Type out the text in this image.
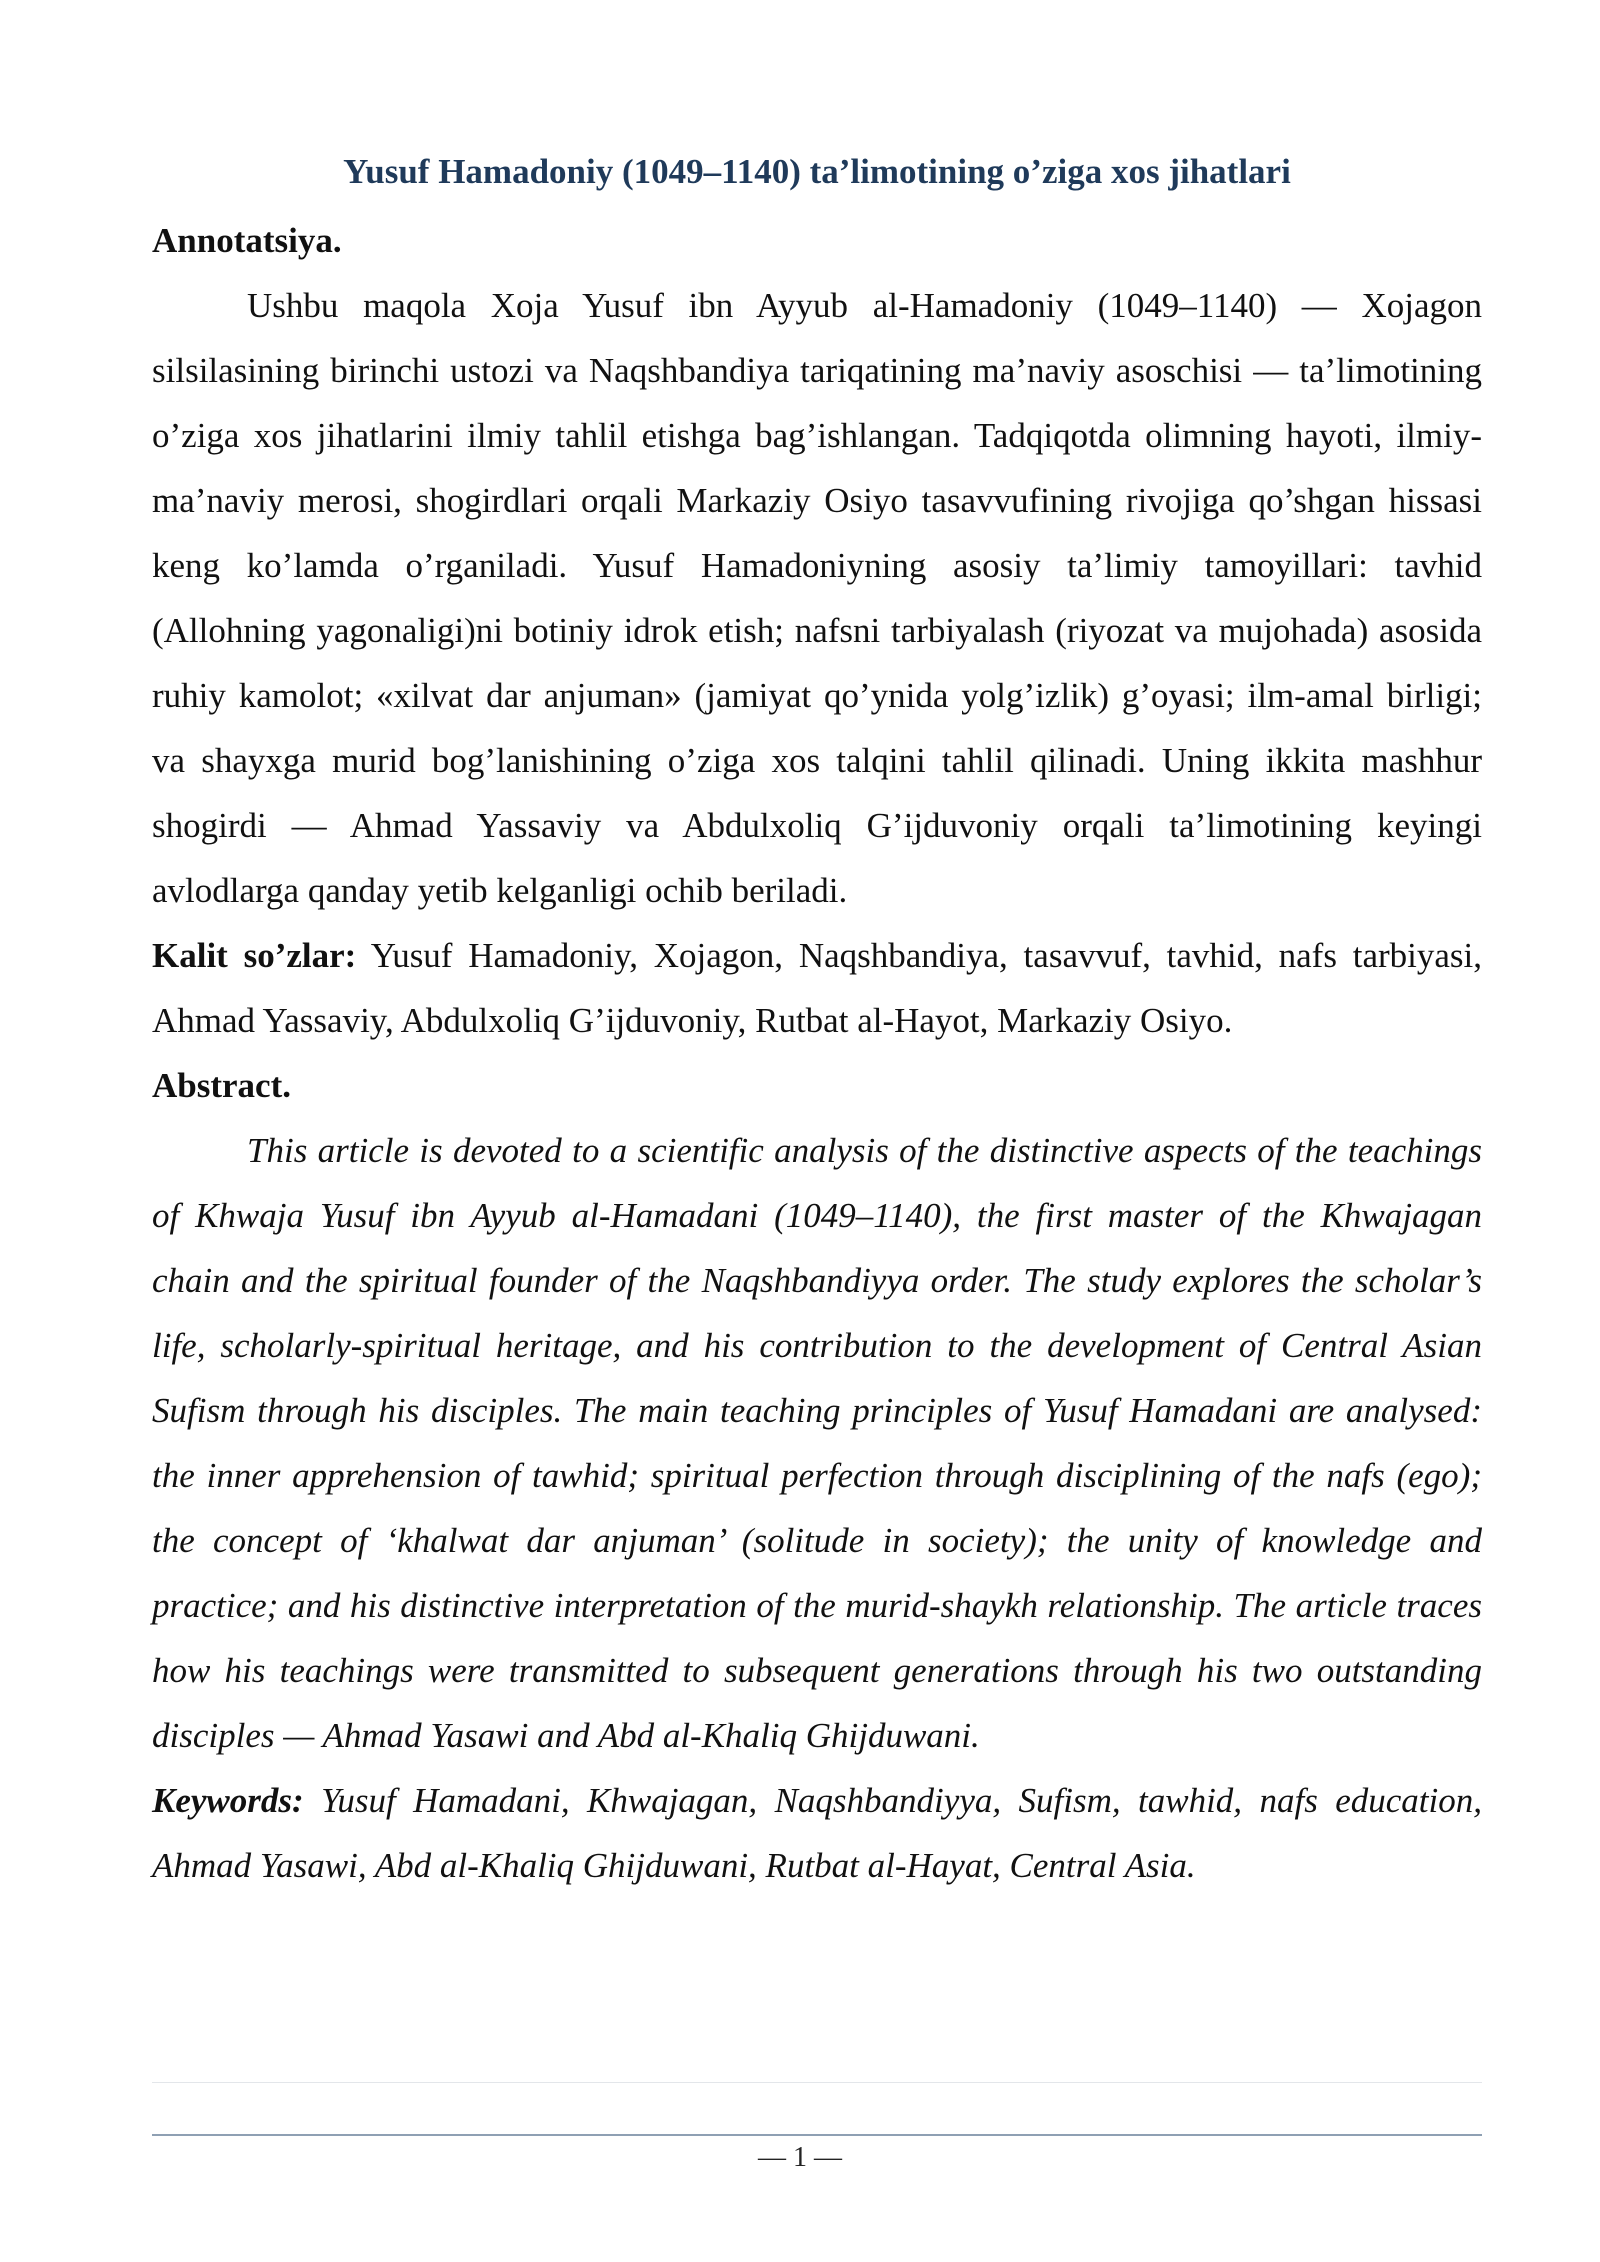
Yusuf Hamadoniy (1049–1140) ta’limotining o’ziga xos jihatlari

Annotatsiya.

Ushbu maqola Xoja Yusuf ibn Ayyub al-Hamadoniy (1049–1140) — Xojagon silsilasining birinchi ustozi va Naqshbandiya tariqatining ma’naviy asoschisi — ta’limotining o’ziga xos jihatlarini ilmiy tahlil etishga bag’ishlangan. Tadqiqotda olimning hayoti, ilmiy-ma’naviy merosi, shogirdlari orqali Markaziy Osiyo tasavvufining rivojiga qo’shgan hissasi keng ko’lamda o’rganiladi. Yusuf Hamadoniyning asosiy ta’limiy tamoyillari: tavhid (Allohning yagonaligi)ni botiniy idrok etish; nafsni tarbiyalash (riyozat va mujohada) asosida ruhiy kamolot; «xilvat dar anjuman» (jamiyat qo’ynida yolg’izlik) g’oyasi; ilm-amal birligi; va shayxga murid bog’lanishining o’ziga xos talqini tahlil qilinadi. Uning ikkita mashhur shogirdi — Ahmad Yassaviy va Abdulxoliq G’ijduvoniy orqali ta’limotining keyingi avlodlarga qanday yetib kelganligi ochib beriladi.

Kalit so’zlar: Yusuf Hamadoniy, Xojagon, Naqshbandiya, tasavvuf, tavhid, nafs tarbiyasi, Ahmad Yassaviy, Abdulxoliq G’ijduvoniy, Rutbat al-Hayot, Markaziy Osiyo.

Abstract.

This article is devoted to a scientific analysis of the distinctive aspects of the teachings of Khwaja Yusuf ibn Ayyub al-Hamadani (1049–1140), the first master of the Khwajagan chain and the spiritual founder of the Naqshbandiyya order. The study explores the scholar’s life, scholarly-spiritual heritage, and his contribution to the development of Central Asian Sufism through his disciples. The main teaching principles of Yusuf Hamadani are analysed: the inner apprehension of tawhid; spiritual perfection through disciplining of the nafs (ego); the concept of ‘khalwat dar anjuman’ (solitude in society); the unity of knowledge and practice; and his distinctive interpretation of the murid-shaykh relationship. The article traces how his teachings were transmitted to subsequent generations through his two outstanding disciples — Ahmad Yasawi and Abd al-Khaliq Ghijduwani.

Keywords: Yusuf Hamadani, Khwajagan, Naqshbandiyya, Sufism, tawhid, nafs education, Ahmad Yasawi, Abd al-Khaliq Ghijduwani, Rutbat al-Hayat, Central Asia.

— 1 —
